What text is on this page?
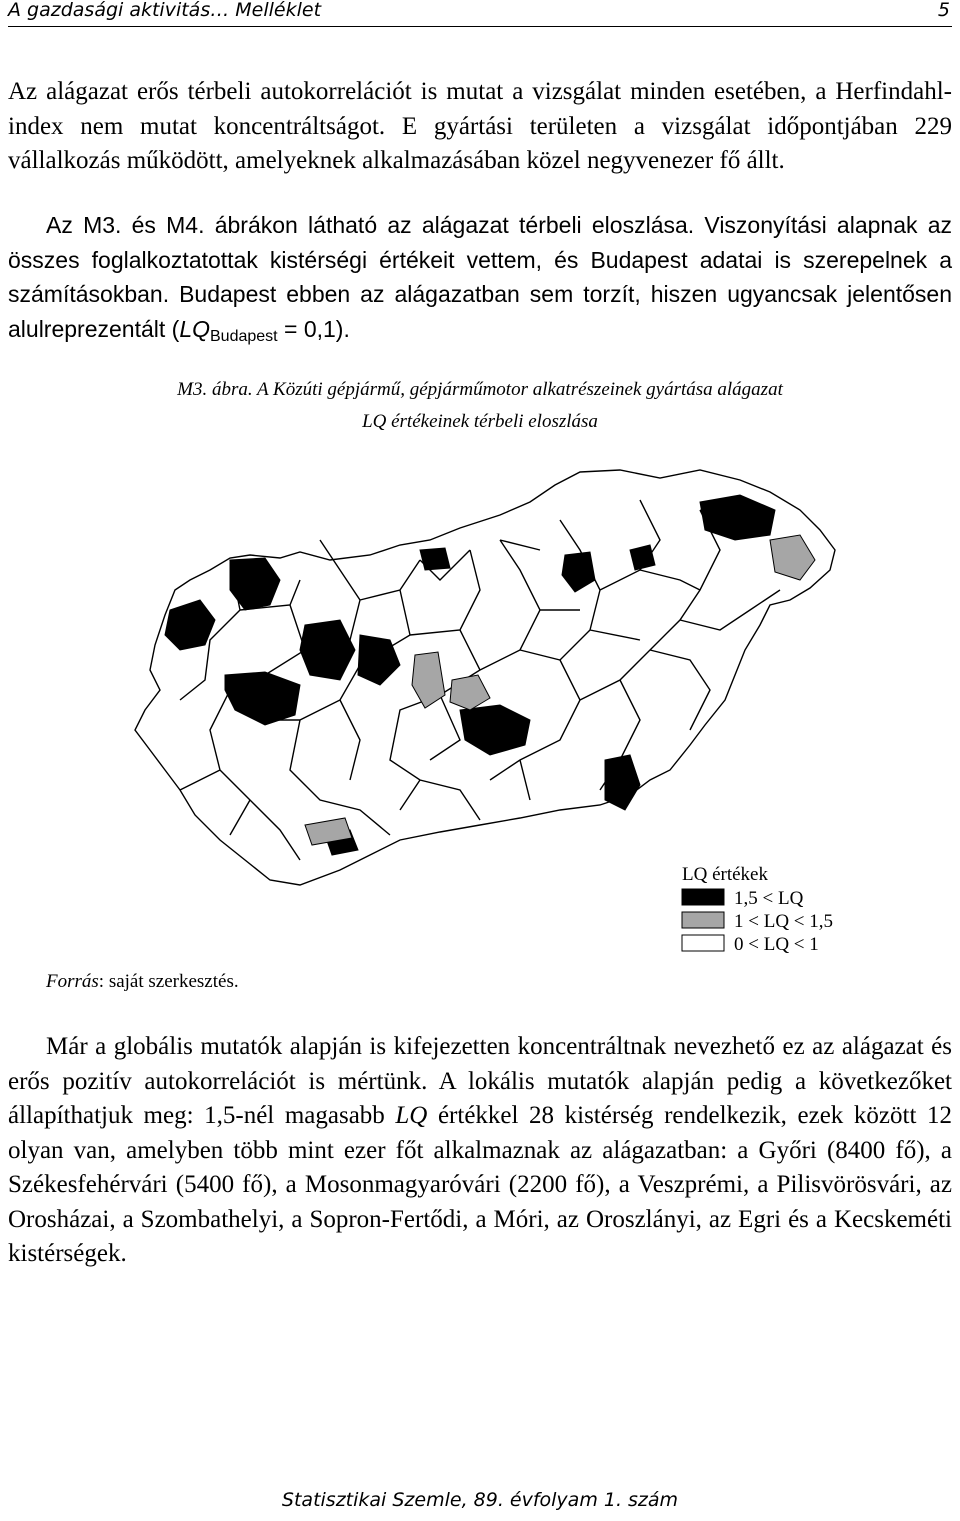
A gazdasági aktivitás… Melléklet	5

Az alágazat erős térbeli autokorrelációt is mutat a vizsgálat minden esetében, a Herfindahl-index nem mutat koncentráltságot. E gyártási területen a vizsgálat időpontjában 229 vállalkozás működött, amelyeknek alkalmazásában közel negyvenezer fő állt.

Az M3. és M4. ábrákon látható az alágazat térbeli eloszlása. Viszonyítási alapnak az összes foglalkoztatottak kistérségi értékeit vettem, és Budapest adatai is szerepelnek a számításokban. Budapest ebben az alágazatban sem torzít, hiszen ugyancsak jelentősen alulreprezentált $(LQ_{Budapest} = 0,1)$.

M3. ábra. A Közúti gépjármű, gépjárműmotor alkatrészeinek gyártása alágazat
LQ értékeinek térbeli eloszlása
LQ értékek
1,5 < LQ
1 < LQ < 1,5
0 < LQ < 1
Forrás: saját szerkesztés.

Már a globális mutatók alapján is kifejezetten koncentráltnak nevezhető ez az alágazat és erős pozitív autokorrelációt is mértünk. A lokális mutatók alapján pedig a következőket állapíthatjuk meg: 1,5-nél magasabb LQ értékkel 28 kistérség rendelkezik, ezek között 12 olyan van, amelyben több mint ezer főt alkalmaznak az alágazatban: a Győri (8400 fő), a Székesfehérvári (5400 fő), a Mosonmagyaróvári (2200 fő), a Veszprémi, a Pilisvörösvári, az Orosházai, a Szombathelyi, a Sopron-Fertődi, a Móri, az Oroszlányi, az Egri és a Kecskeméti kistérségek.

Statisztikai Szemle, 89. évfolyam 1. szám
